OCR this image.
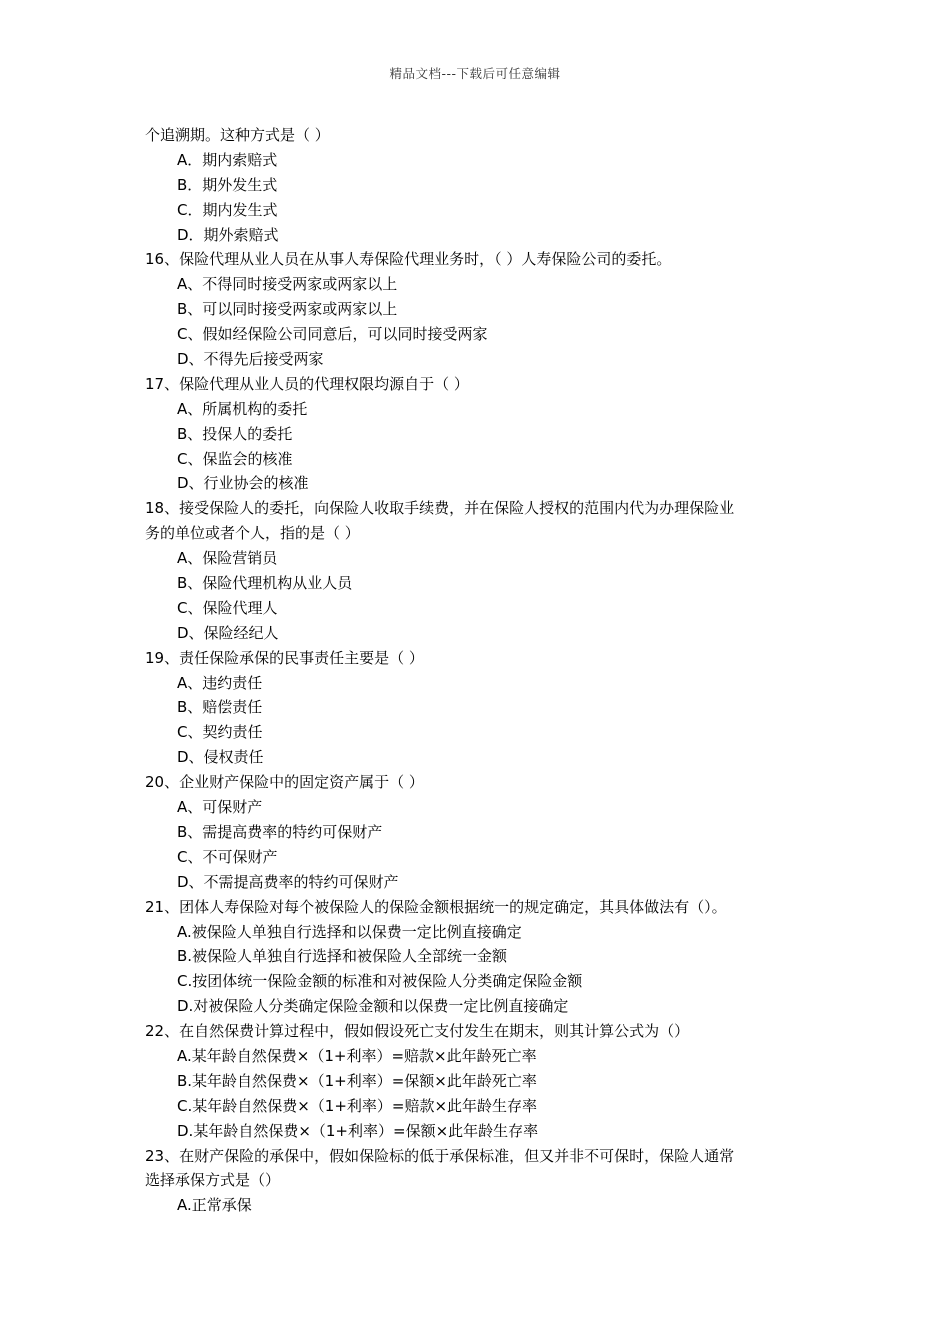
精品文档---下载后可任意编辑
个追溯期。这种方式是（ ）
A．期内索赔式
B．期外发生式
C．期内发生式
D．期外索赔式
16、保险代理从业人员在从事人寿保险代理业务时，（ ）人寿保险公司的委托。
A、不得同时接受两家或两家以上
B、可以同时接受两家或两家以上
C、假如经保险公司同意后，可以同时接受两家
D、不得先后接受两家
17、保险代理从业人员的代理权限均源自于（ ）
A、所属机构的委托
B、投保人的委托
C、保监会的核准
D、行业协会的核准
18、接受保险人的委托，向保险人收取手续费，并在保险人授权的范围内代为办理保险业
务的单位或者个人，指的是（ ）
A、保险营销员
B、保险代理机构从业人员
C、保险代理人
D、保险经纪人
19、责任保险承保的民事责任主要是（ ）
A、违约责任
B、赔偿责任
C、契约责任
D、侵权责任
20、企业财产保险中的固定资产属于（ ）
A、可保财产
B、需提高费率的特约可保财产
C、不可保财产
D、不需提高费率的特约可保财产
21、团体人寿保险对每个被保险人的保险金额根据统一的规定确定，其具体做法有（）。
A.被保险人单独自行选择和以保费一定比例直接确定
B.被保险人单独自行选择和被保险人全部统一金额
C.按团体统一保险金额的标准和对被保险人分类确定保险金额
D.对被保险人分类确定保险金额和以保费一定比例直接确定
22、在自然保费计算过程中，假如假设死亡支付发生在期末，则其计算公式为（）
A.某年龄自然保费×（1+利率）=赔款×此年龄死亡率
B.某年龄自然保费×（1+利率）=保额×此年龄死亡率
C.某年龄自然保费×（1+利率）=赔款×此年龄生存率
D.某年龄自然保费×（1+利率）=保额×此年龄生存率
23、在财产保险的承保中，假如保险标的低于承保标准，但又并非不可保时，保险人通常
选择承保方式是（）
A.正常承保
